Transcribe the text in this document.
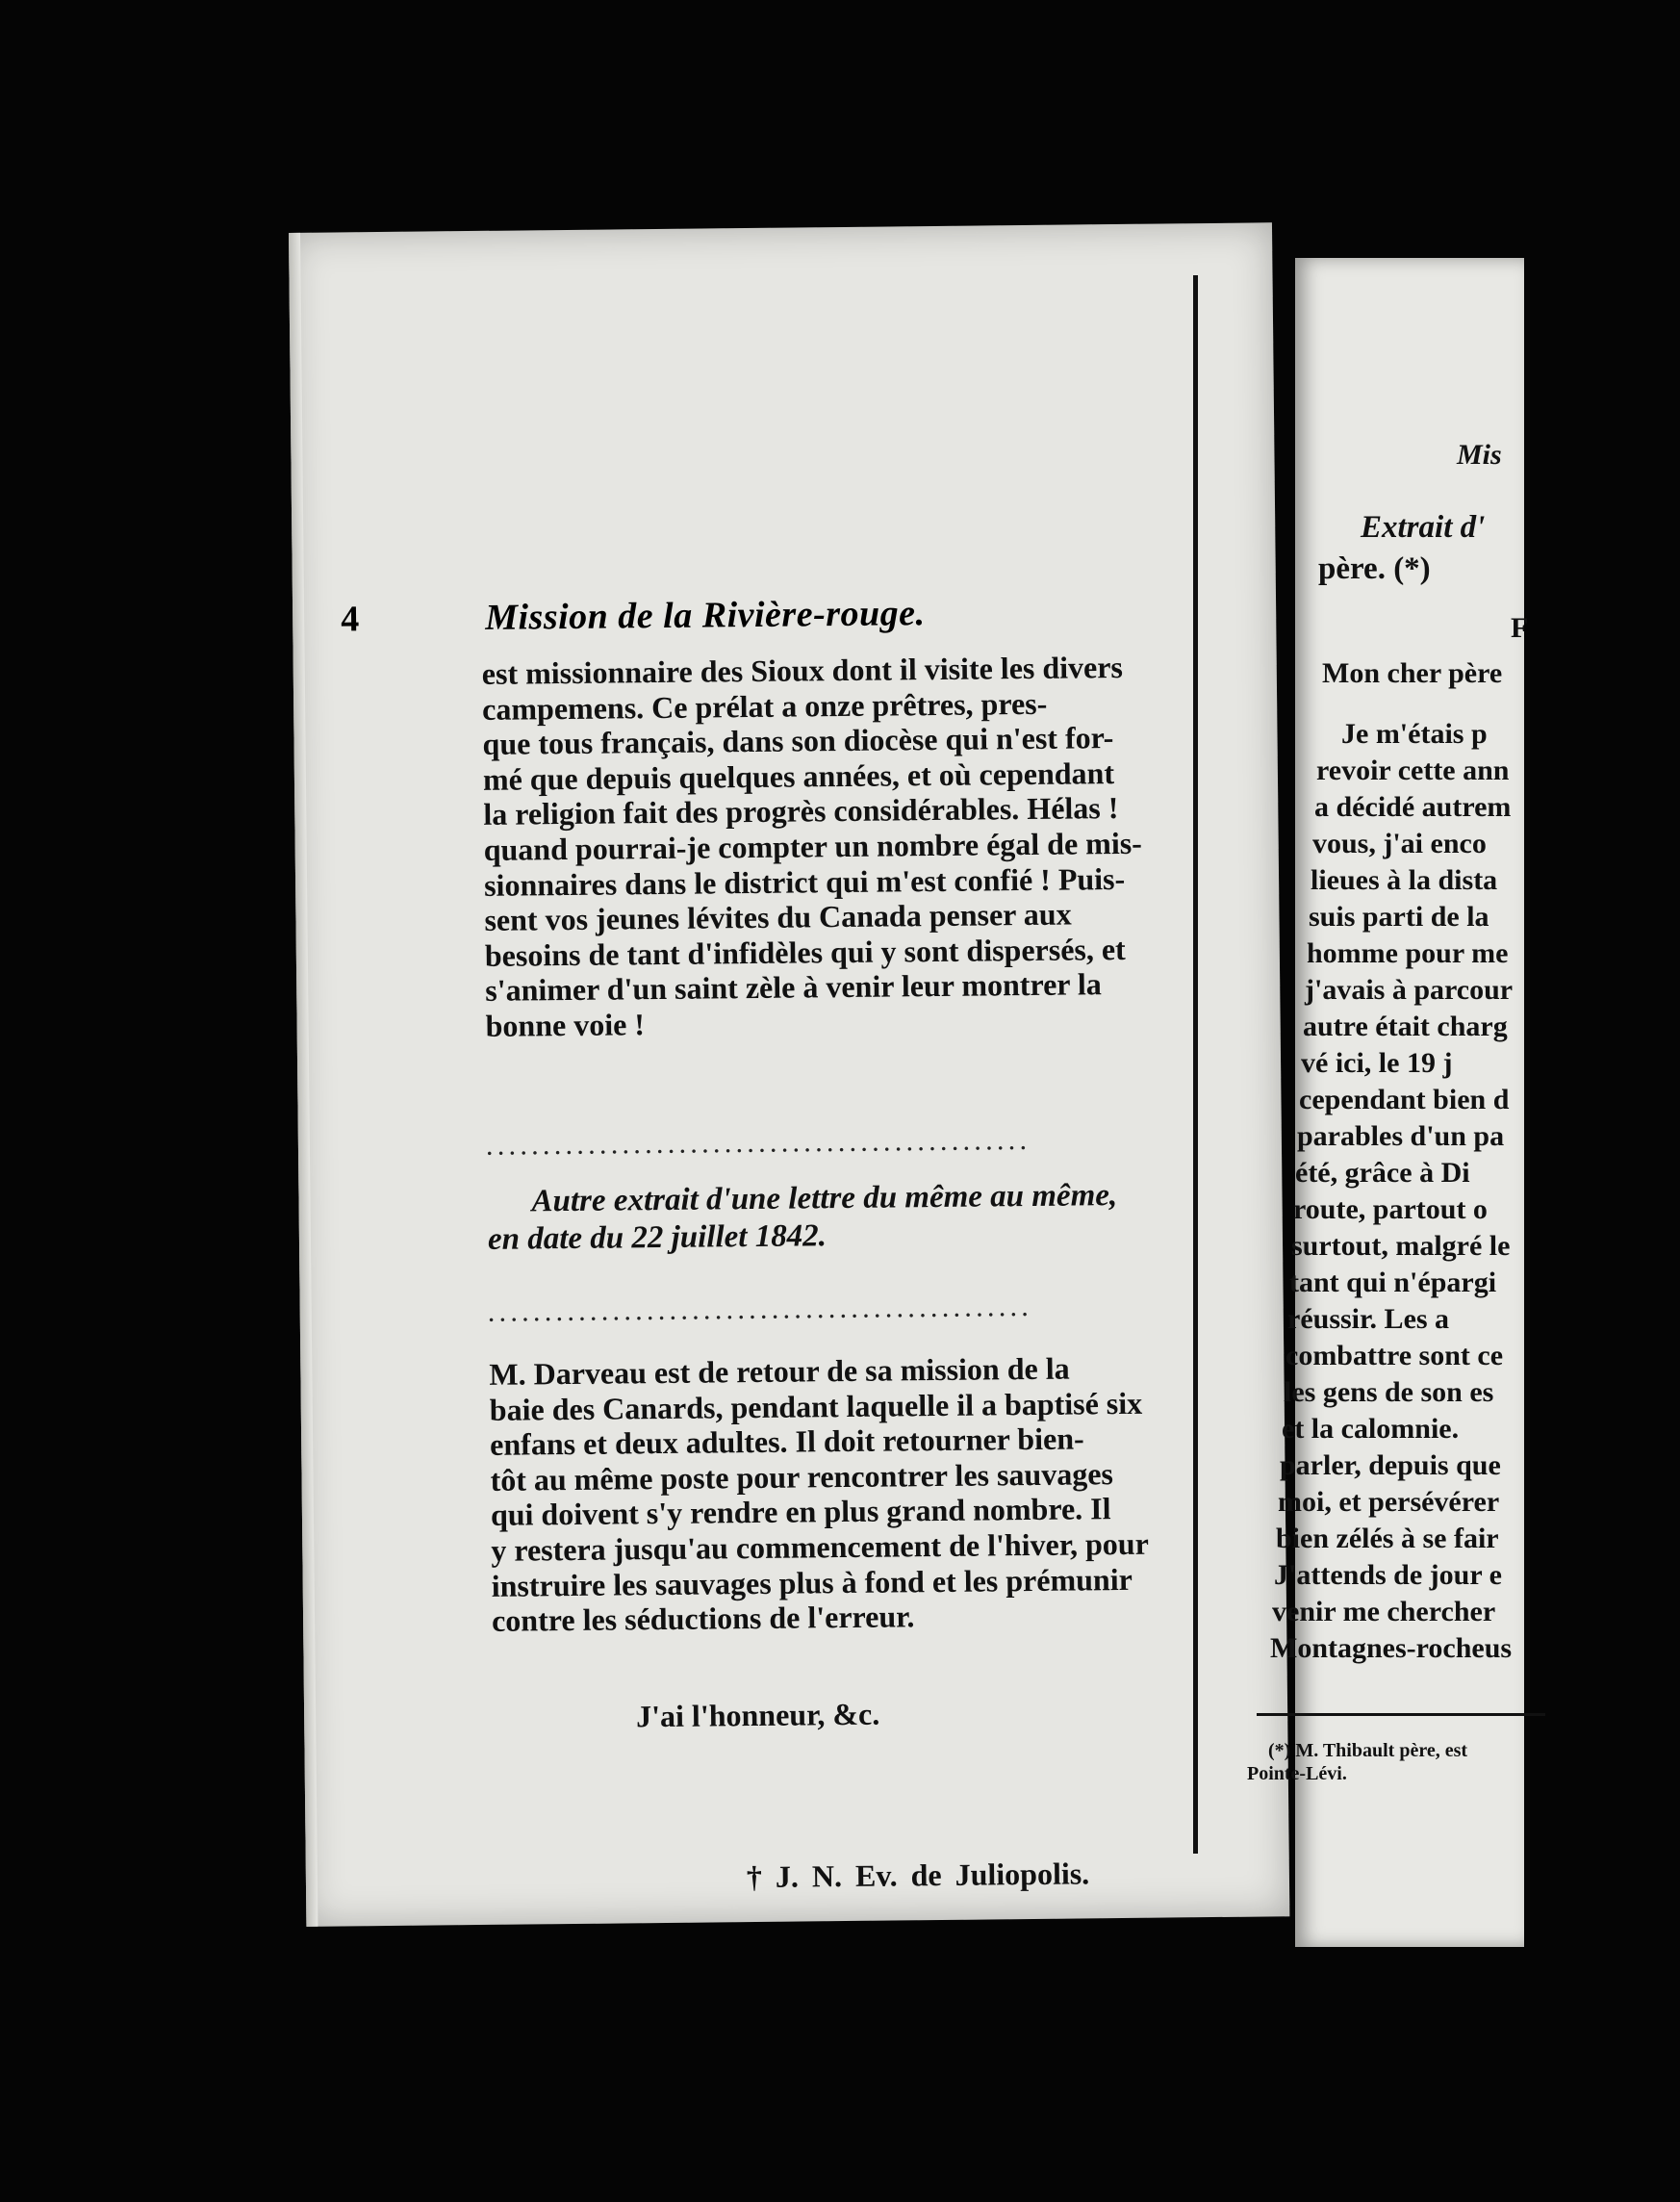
4	Mission de la Rivière-rouge.

est missionnaire des Sioux dont il visite les divers

campemens. Ce prélat a onze prêtres, pres-

que tous français, dans son diocèse qui n'est for-

mé que depuis quelques années, et où cependant

la religion fait des progrès considérables. Hélas !

quand pourrai-je compter un nombre égal de mis-

sionnaires dans le district qui m'est confié ! Puis-

sent vos jeunes lévites du Canada penser aux

besoins de tant d'infidèles qui y sont dispersés, et

s'animer d'un saint zèle à venir leur montrer la

bonne voie !

................................................
Autre extrait d'une lettre du même au même,
en date du 22 juillet 1842.
................................................

M. Darveau est de retour de sa mission de la

baie des Canards, pendant laquelle il a baptisé six

enfans et deux adultes. Il doit retourner bien-

tôt au même poste pour rencontrer les sauvages

qui doivent s'y rendre en plus grand nombre. Il

y restera jusqu'au commencement de l'hiver, pour

instruire les sauvages plus à fond et les prémunir

contre les séductions de l'erreur.

J'ai l'honneur, &c.
† J. N. Ev. de Juliopolis.
Mis
Extrait d'
père. (*)
F
Mon cher père
Je m'étais p
revoir cette ann
a décidé autrem
vous, j'ai enco
lieues à la dista
suis parti de la
homme pour me
j'avais à parcour
autre était charg
vé ici, le 19 j
cependant bien d
parables d'un pa
été, grâce à Di
route, partout o
surtout, malgré le
tant qui n'épargi
réussir. Les a
combattre sont ce
les gens de son es
et la calomnie.
parler, depuis que
moi, et persévérer
bien zélés à se fair
J'attends de jour e
venir me chercher
Montagnes-rocheus
(*) M. Thibault père, est
Pointe-Lévi.
